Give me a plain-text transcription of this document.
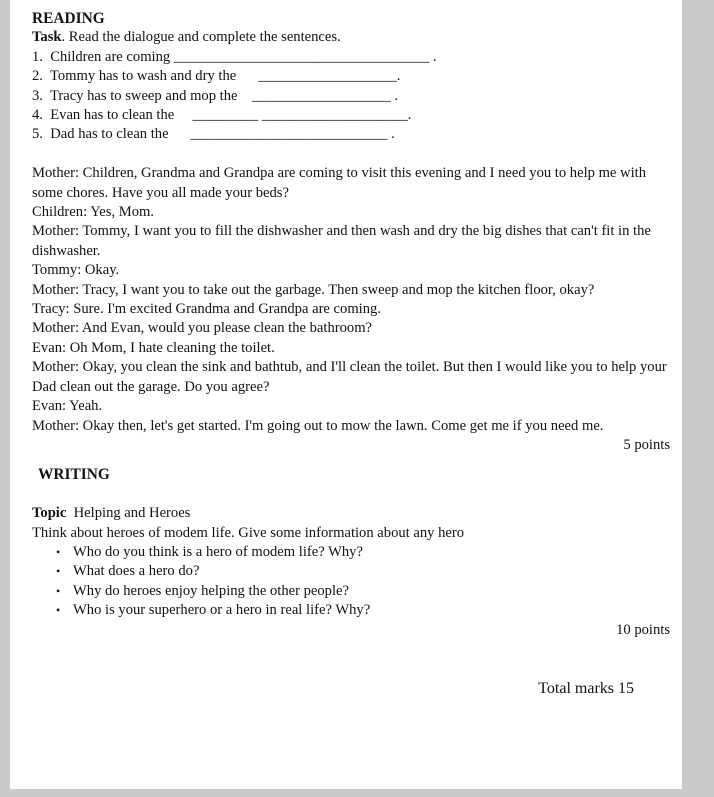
READING
Task. Read the dialogue and complete the sentences.
1.  Children are coming ___________________________________ .
2.  Tommy has to wash and dry the      ___________________.
3.  Tracy has to sweep and mop the    ___________________ .
4.  Evan has to clean the     _________ ____________________.
5.  Dad has to clean the      ___________________________ .
Mother: Children, Grandma and Grandpa are coming to visit this evening and I need you to help me with some chores. Have you all made your beds?
Children: Yes, Mom.
Mother: Tommy, I want you to fill the dishwasher and then wash and dry the big dishes that can't fit in the dishwasher.
Tommy: Okay.
Mother: Tracy, I want you to take out the garbage. Then sweep and mop the kitchen floor, okay?
Tracy: Sure. I'm excited Grandma and Grandpa are coming.
Mother: And Evan, would you please clean the bathroom?
Evan: Oh Mom, I hate cleaning the toilet.
Mother: Okay, you clean the sink and bathtub, and I'll clean the toilet. But then I would like you to help your Dad clean out the garage. Do you agree?
Evan: Yeah.
Mother: Okay then, let's get started. I'm going out to mow the lawn. Come get me if you need me.
5 points
WRITING
Topic Helping and Heroes
Think about heroes of modem life. Give some information about any hero
• Who do you think is a hero of modem life? Why?
• What does a hero do?
• Why do heroes enjoy helping the other people?
• Who is your superhero or a hero in real life? Why?
10 points
Total marks 15
